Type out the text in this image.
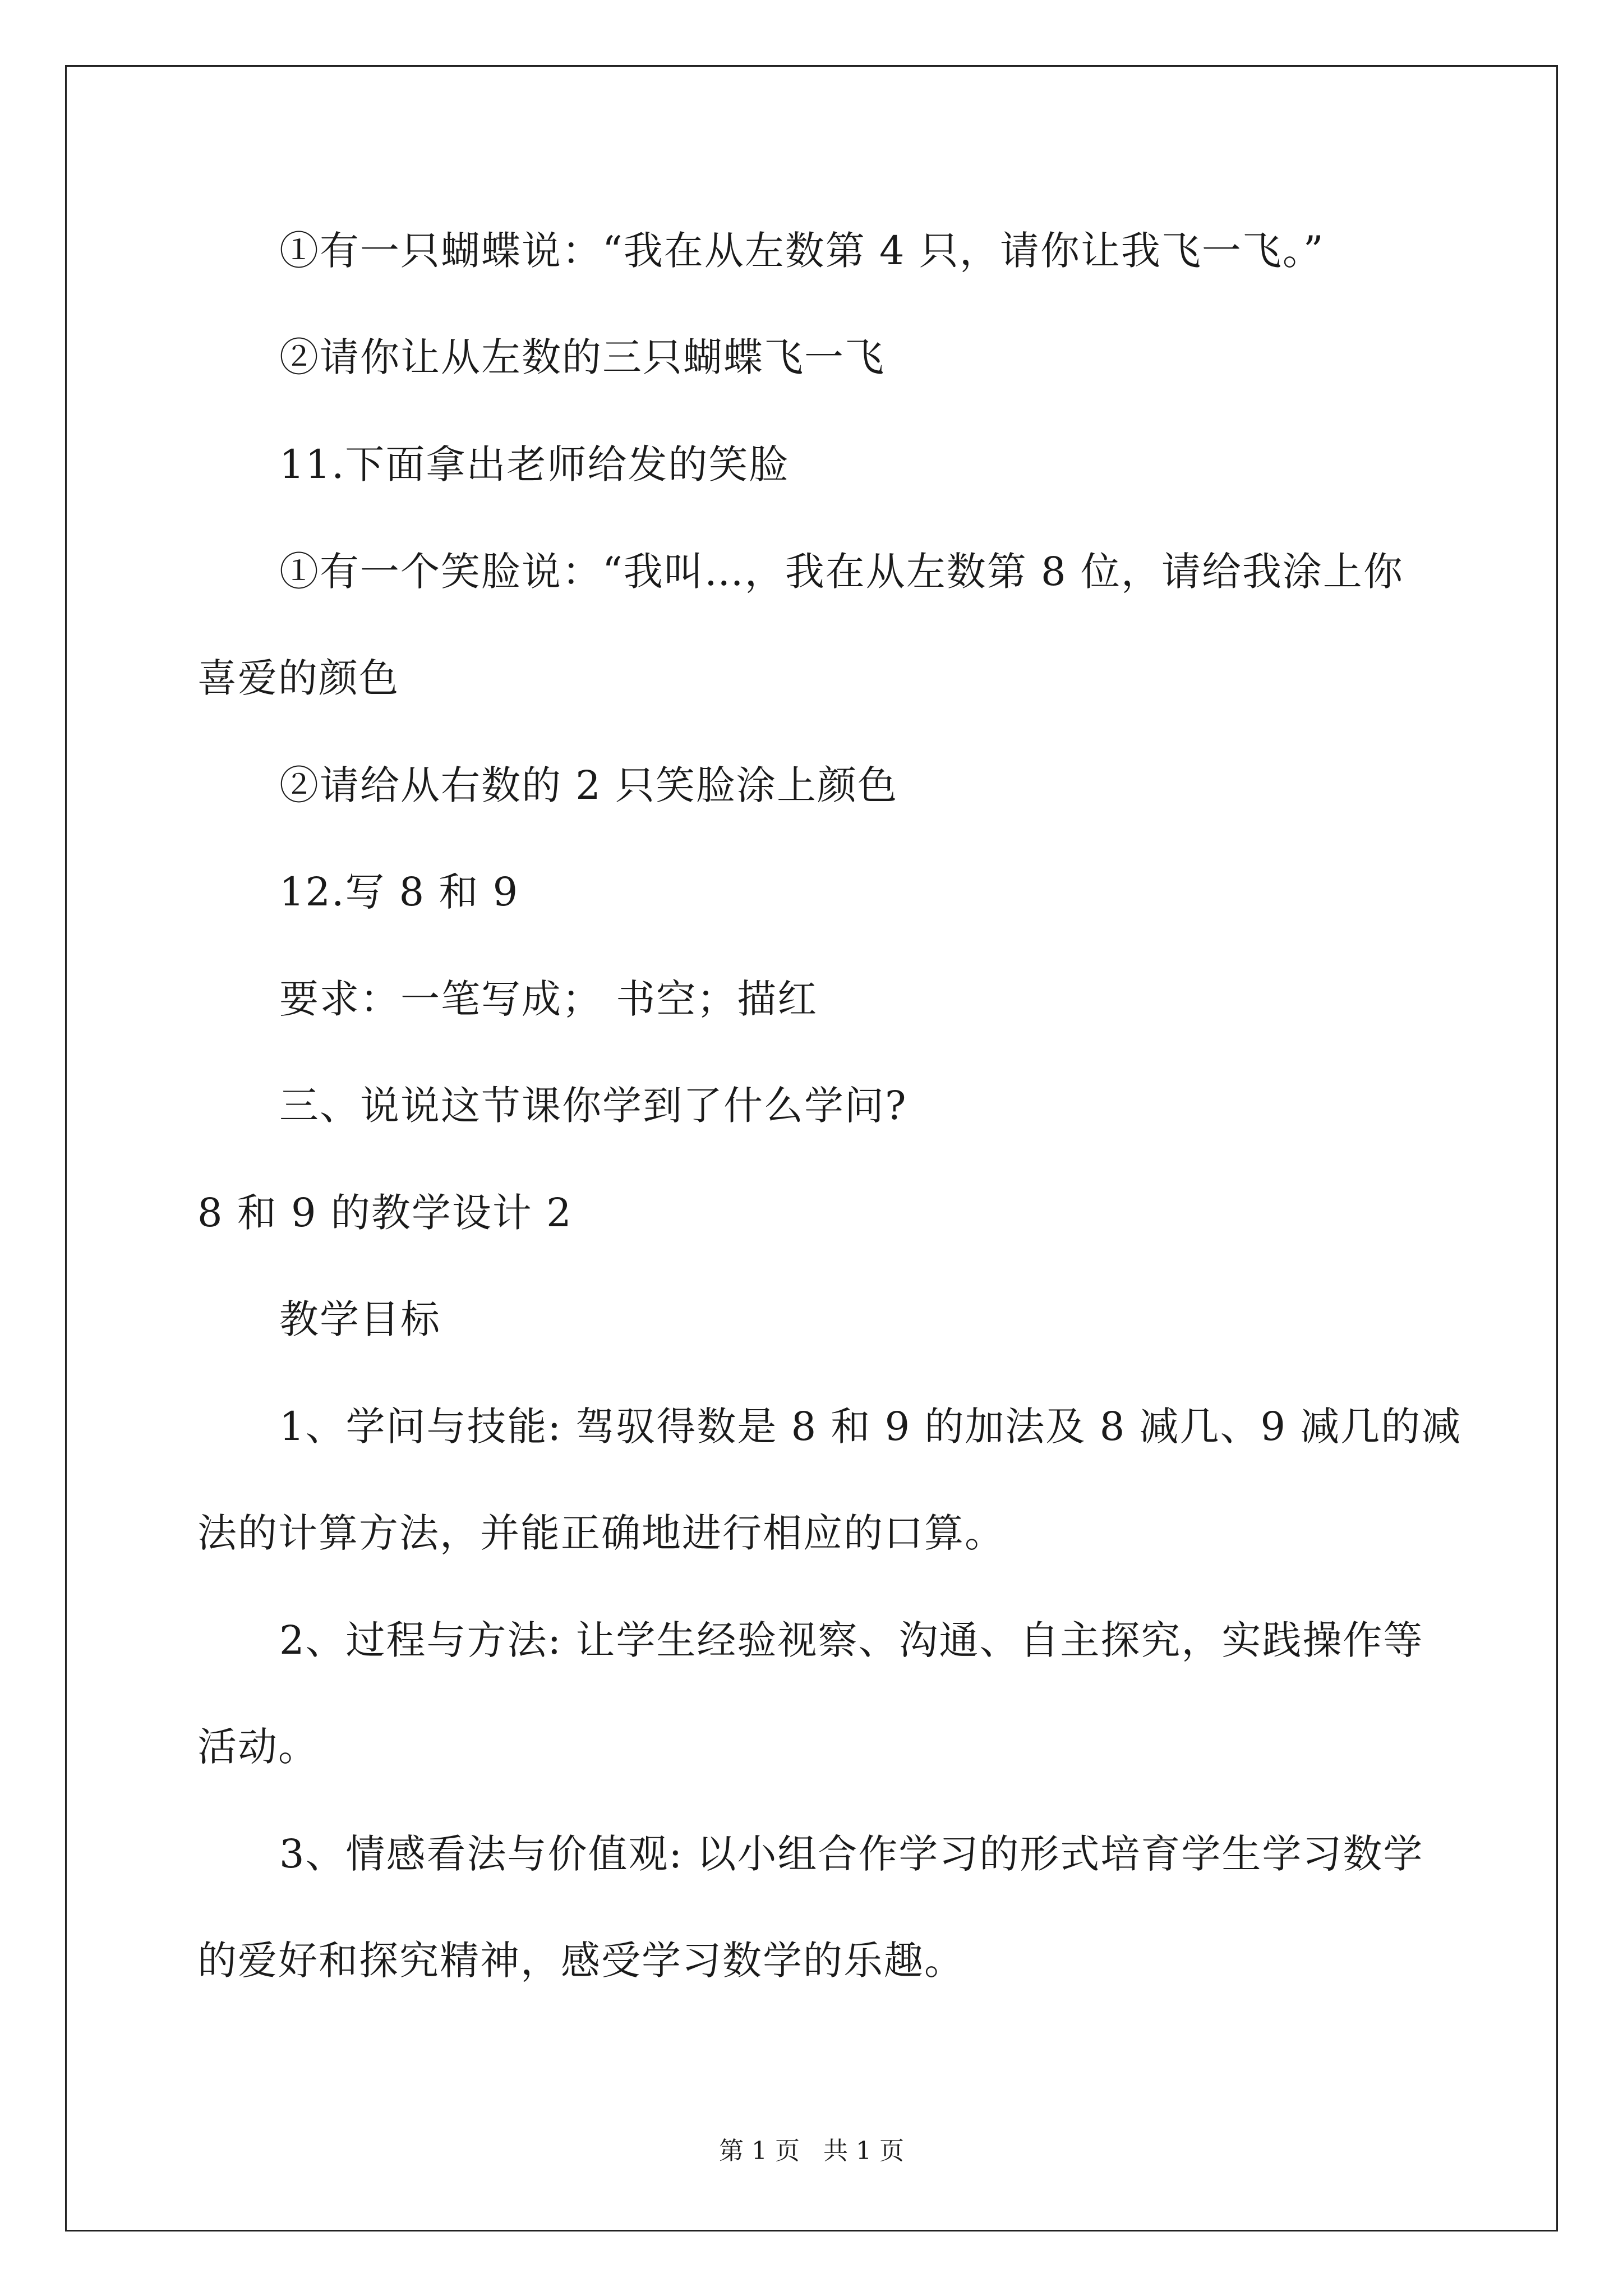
①有一只蝴蝶说：“我在从左数第 4 只，请你让我飞一飞。”
②请你让从左数的三只蝴蝶飞一飞
11.下面拿出老师给发的笑脸
①有一个笑脸说：“我叫…，我在从左数第 8 位，请给我涂上你
喜爱的颜色
②请给从右数的 2 只笑脸涂上颜色
12.写 8 和 9
要求：一笔写成； 书空；描红
三、说说这节课你学到了什么学问?
8 和 9 的教学设计 2
教学目标
1、学问与技能: 驾驭得数是 8 和 9 的加法及 8 减几、9 减几的减
法的计算方法，并能正确地进行相应的口算。
2、过程与方法: 让学生经验视察、沟通、自主探究，实践操作等
活动。
3、情感看法与价值观: 以小组合作学习的形式培育学生学习数学
的爱好和探究精神，感受学习数学的乐趣。
第 1 页   共 1 页
